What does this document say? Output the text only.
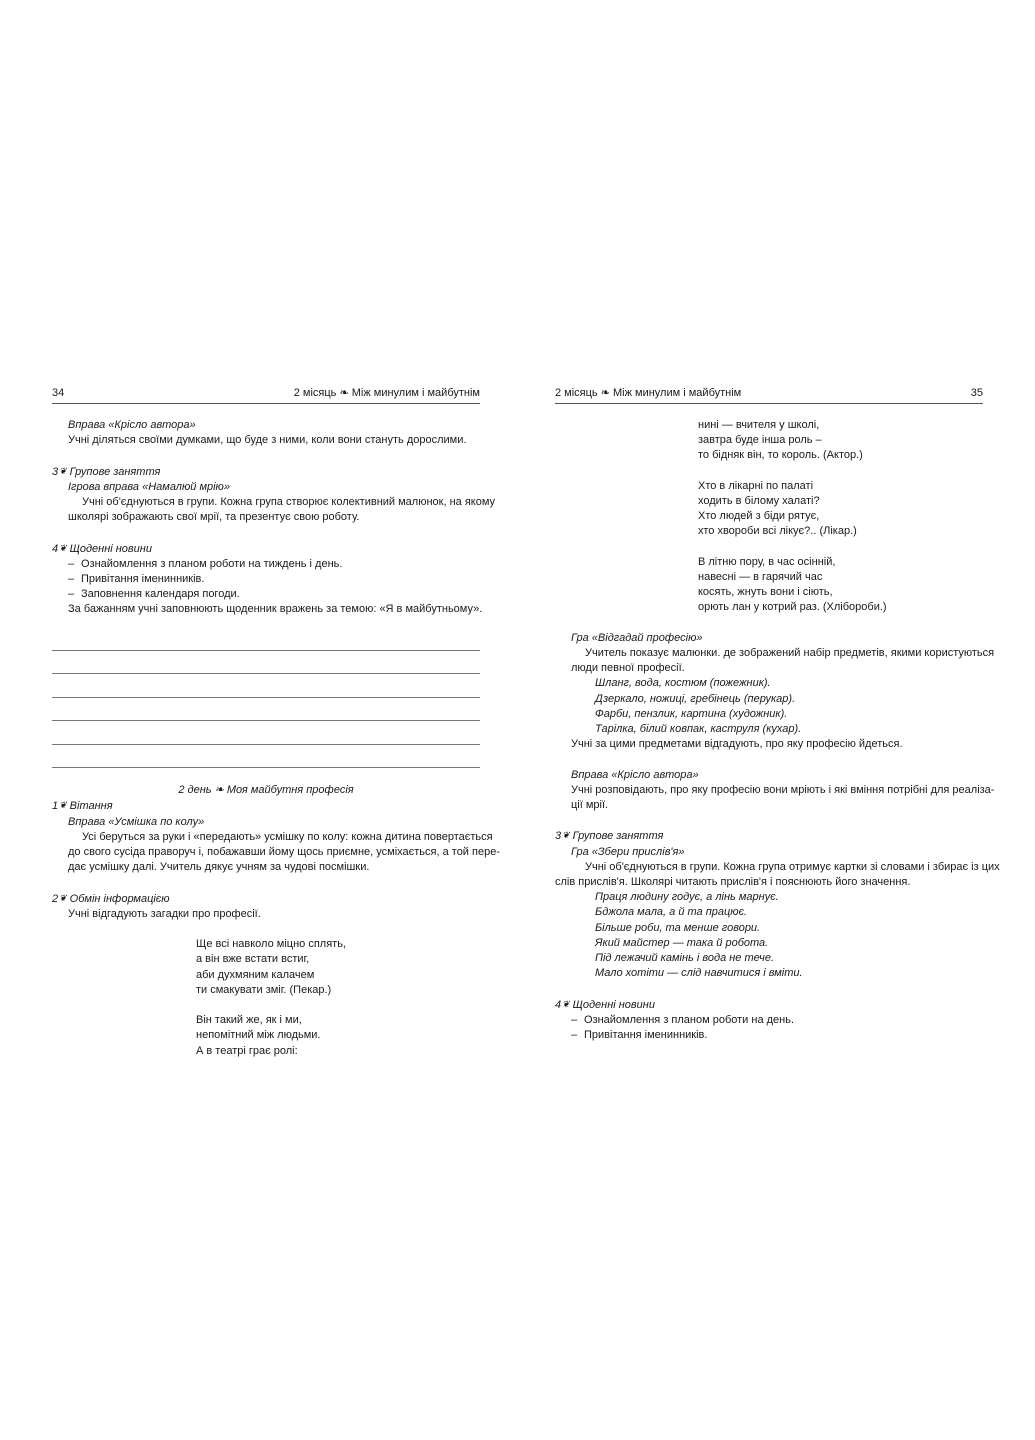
34	2 місяць ❧ Між минулим і майбутнім
Вправа «Крісло автора»
Учні діляться своїми думками, що буде з ними, коли вони стануть дорослими.
3❦ Групове заняття
Ігрова вправа «Намалюй мрію»
Учні об'єднуються в групи. Кожна група створює колективний малюнок, на якому
школярі зображають свої мрії, та презентує свою роботу.
4❦ Щоденні новини
– Ознайомлення з планом роботи на тиждень і день.
– Привітання іменинників.
– Заповнення календаря погоди.
За бажанням учні заповнюють щоденник вражень за темою: «Я в майбутньому».
2 день ❧ Моя майбутня професія
1❦ Вітання
Вправа «Усмішка по колу»
Усі беруться за руки і «передають» усмішку по колу: кожна дитина повертається
до свого сусіда праворуч і, побажавши йому щось приємне, усміхається, а той пере-
дає усмішку далі. Учитель дякує учням за чудові посмішки.
2❦ Обмін інформацією
Учні відгадують загадки про професії.
Ще всі навколо міцно сплять,
а він вже встати встиг,
аби духмяним калачем
ти смакувати зміг. (Пекар.)
Він такий же, як і ми,
непомітний між людьми.
А в театрі грає ролі:
2 місяць ❧ Між минулим і майбутнім	35
нині — вчителя у школі,
завтра буде інша роль –
то бідняк він, то король. (Актор.)
Хто в лікарні по палаті
ходить в білому халаті?
Хто людей з біди рятує,
хто хвороби всі лікує?.. (Лікар.)
В літню пору, в час осінній,
навесні — в гарячий час
косять, жнуть вони і сіють,
орють лан у котрий раз. (Хлібороби.)
Гра «Відгадай професію»
Учитель показує малюнки. де зображений набір предметів, якими користуються
люди певної професії.
Шланг, вода, костюм (пожежник).
Дзеркало, ножиці, гребінець (перукар).
Фарби, пензлик, картина (художник).
Тарілка, білий ковпак, каструля (кухар).
Учні за цими предметами відгадують, про яку професію йдеться.
Вправа «Крісло автора»
Учні розповідають, про яку професію вони мріють і які вміння потрібні для реаліза-
ції мрії.
3❦ Групове заняття
Гра «Збери прислів'я»
Учні об'єднуються в групи. Кожна група отримує картки зі словами і збирає із цих
слів прислів'я. Школярі читають прислів'я і пояснюють його значення.
Праця людину годує, а лінь марнує.
Бджола мала, а й та працює.
Більше роби, та менше говори.
Який майстер — така й робота.
Під лежачий камінь і вода не тече.
Мало хотіти — слід навчитися і вміти.
4❦ Щоденні новини
– Ознайомлення з планом роботи на день.
– Привітання іменинників.
